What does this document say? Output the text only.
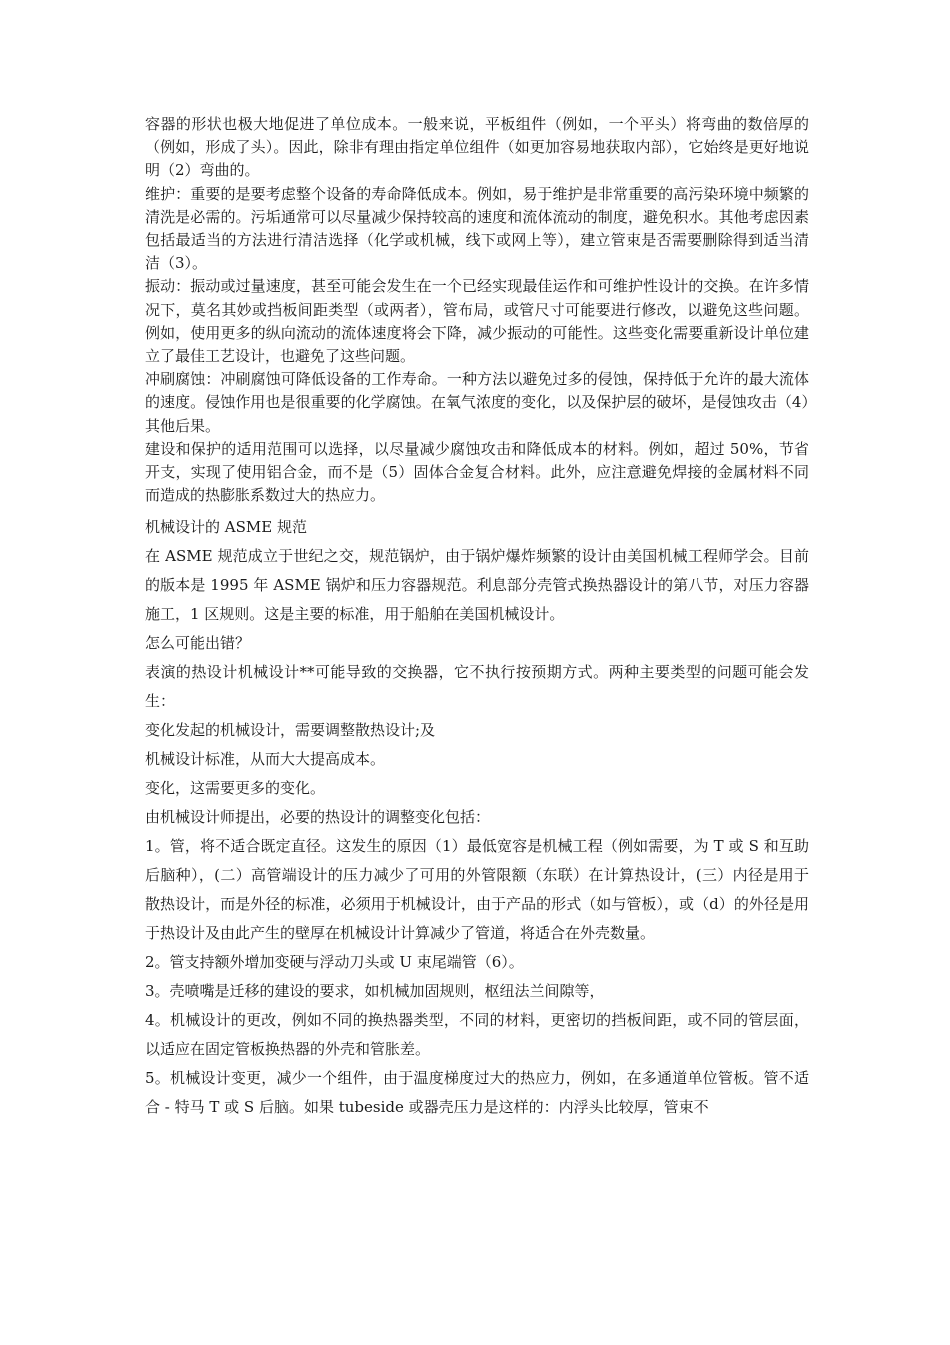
容器的形状也极大地促进了单位成本。一般来说，平板组件（例如，一个平头）将弯曲的数倍厚的（例如，形成了头）。因此，除非有理由指定单位组件（如更加容易地获取内部），它始终是更好地说明（2）弯曲的。

维护：重要的是要考虑整个设备的寿命降低成本。例如，易于维护是非常重要的高污染环境中频繁的清洗是必需的。污垢通常可以尽量减少保持较高的速度和流体流动的制度，避免积水。其他考虑因素包括最适当的方法进行清洁选择（化学或机械，线下或网上等），建立管束是否需要删除得到适当清洁（3）。

振动：振动或过量速度，甚至可能会发生在一个已经实现最佳运作和可维护性设计的交换。在许多情况下，莫名其妙或挡板间距类型（或两者），管布局，或管尺寸可能要进行修改，以避免这些问题。例如，使用更多的纵向流动的流体速度将会下降，减少振动的可能性。这些变化需要重新设计单位建立了最佳工艺设计，也避免了这些问题。

冲刷腐蚀：冲刷腐蚀可降低设备的工作寿命。一种方法以避免过多的侵蚀，保持低于允许的最大流体的速度。侵蚀作用也是很重要的化学腐蚀。在氧气浓度的变化，以及保护层的破坏，是侵蚀攻击（4）其他后果。

建设和保护的适用范围可以选择，以尽量减少腐蚀攻击和降低成本的材料。例如，超过 50%，节省开支，实现了使用铝合金，而不是（5）固体合金复合材料。此外，应注意避免焊接的金属材料不同而造成的热膨胀系数过大的热应力。

机械设计的 ASME 规范

在 ASME 规范成立于世纪之交，规范锅炉，由于锅炉爆炸频繁的设计由美国机械工程师学会。目前的版本是 1995 年 ASME 锅炉和压力容器规范。利息部分壳管式换热器设计的第八节，对压力容器施工，1 区规则。这是主要的标准，用于船舶在美国机械设计。

怎么可能出错？

表演的热设计机械设计**可能导致的交换器，它不执行按预期方式。两种主要类型的问题可能会发生：

变化发起的机械设计，需要调整散热设计;及

机械设计标准，从而大大提高成本。

变化，这需要更多的变化。

由机械设计师提出，必要的热设计的调整变化包括：

1。管，将不适合既定直径。这发生的原因（1）最低宽容是机械工程（例如需要，为 T 或 S 和互助后脑种），(二）高管端设计的压力减少了可用的外管限额（东联）在计算热设计，(三）内径是用于散热设计，而是外径的标准，必须用于机械设计，由于产品的形式（如与管板），或（d）的外径是用于热设计及由此产生的壁厚在机械设计计算减少了管道，将适合在外壳数量。

2。管支持额外增加变硬与浮动刀头或 U 束尾端管（6）。

3。壳喷嘴是迁移的建设的要求，如机械加固规则，枢纽法兰间隙等，

4。机械设计的更改，例如不同的换热器类型，不同的材料，更密切的挡板间距，或不同的管层面，以适应在固定管板换热器的外壳和管胀差。

5。机械设计变更，减少一个组件，由于温度梯度过大的热应力，例如，在多通道单位管板。管不适合 - 特马 T 或 S 后脑。如果 tubeside 或器壳压力是这样的：内浮头比较厚，管束不
